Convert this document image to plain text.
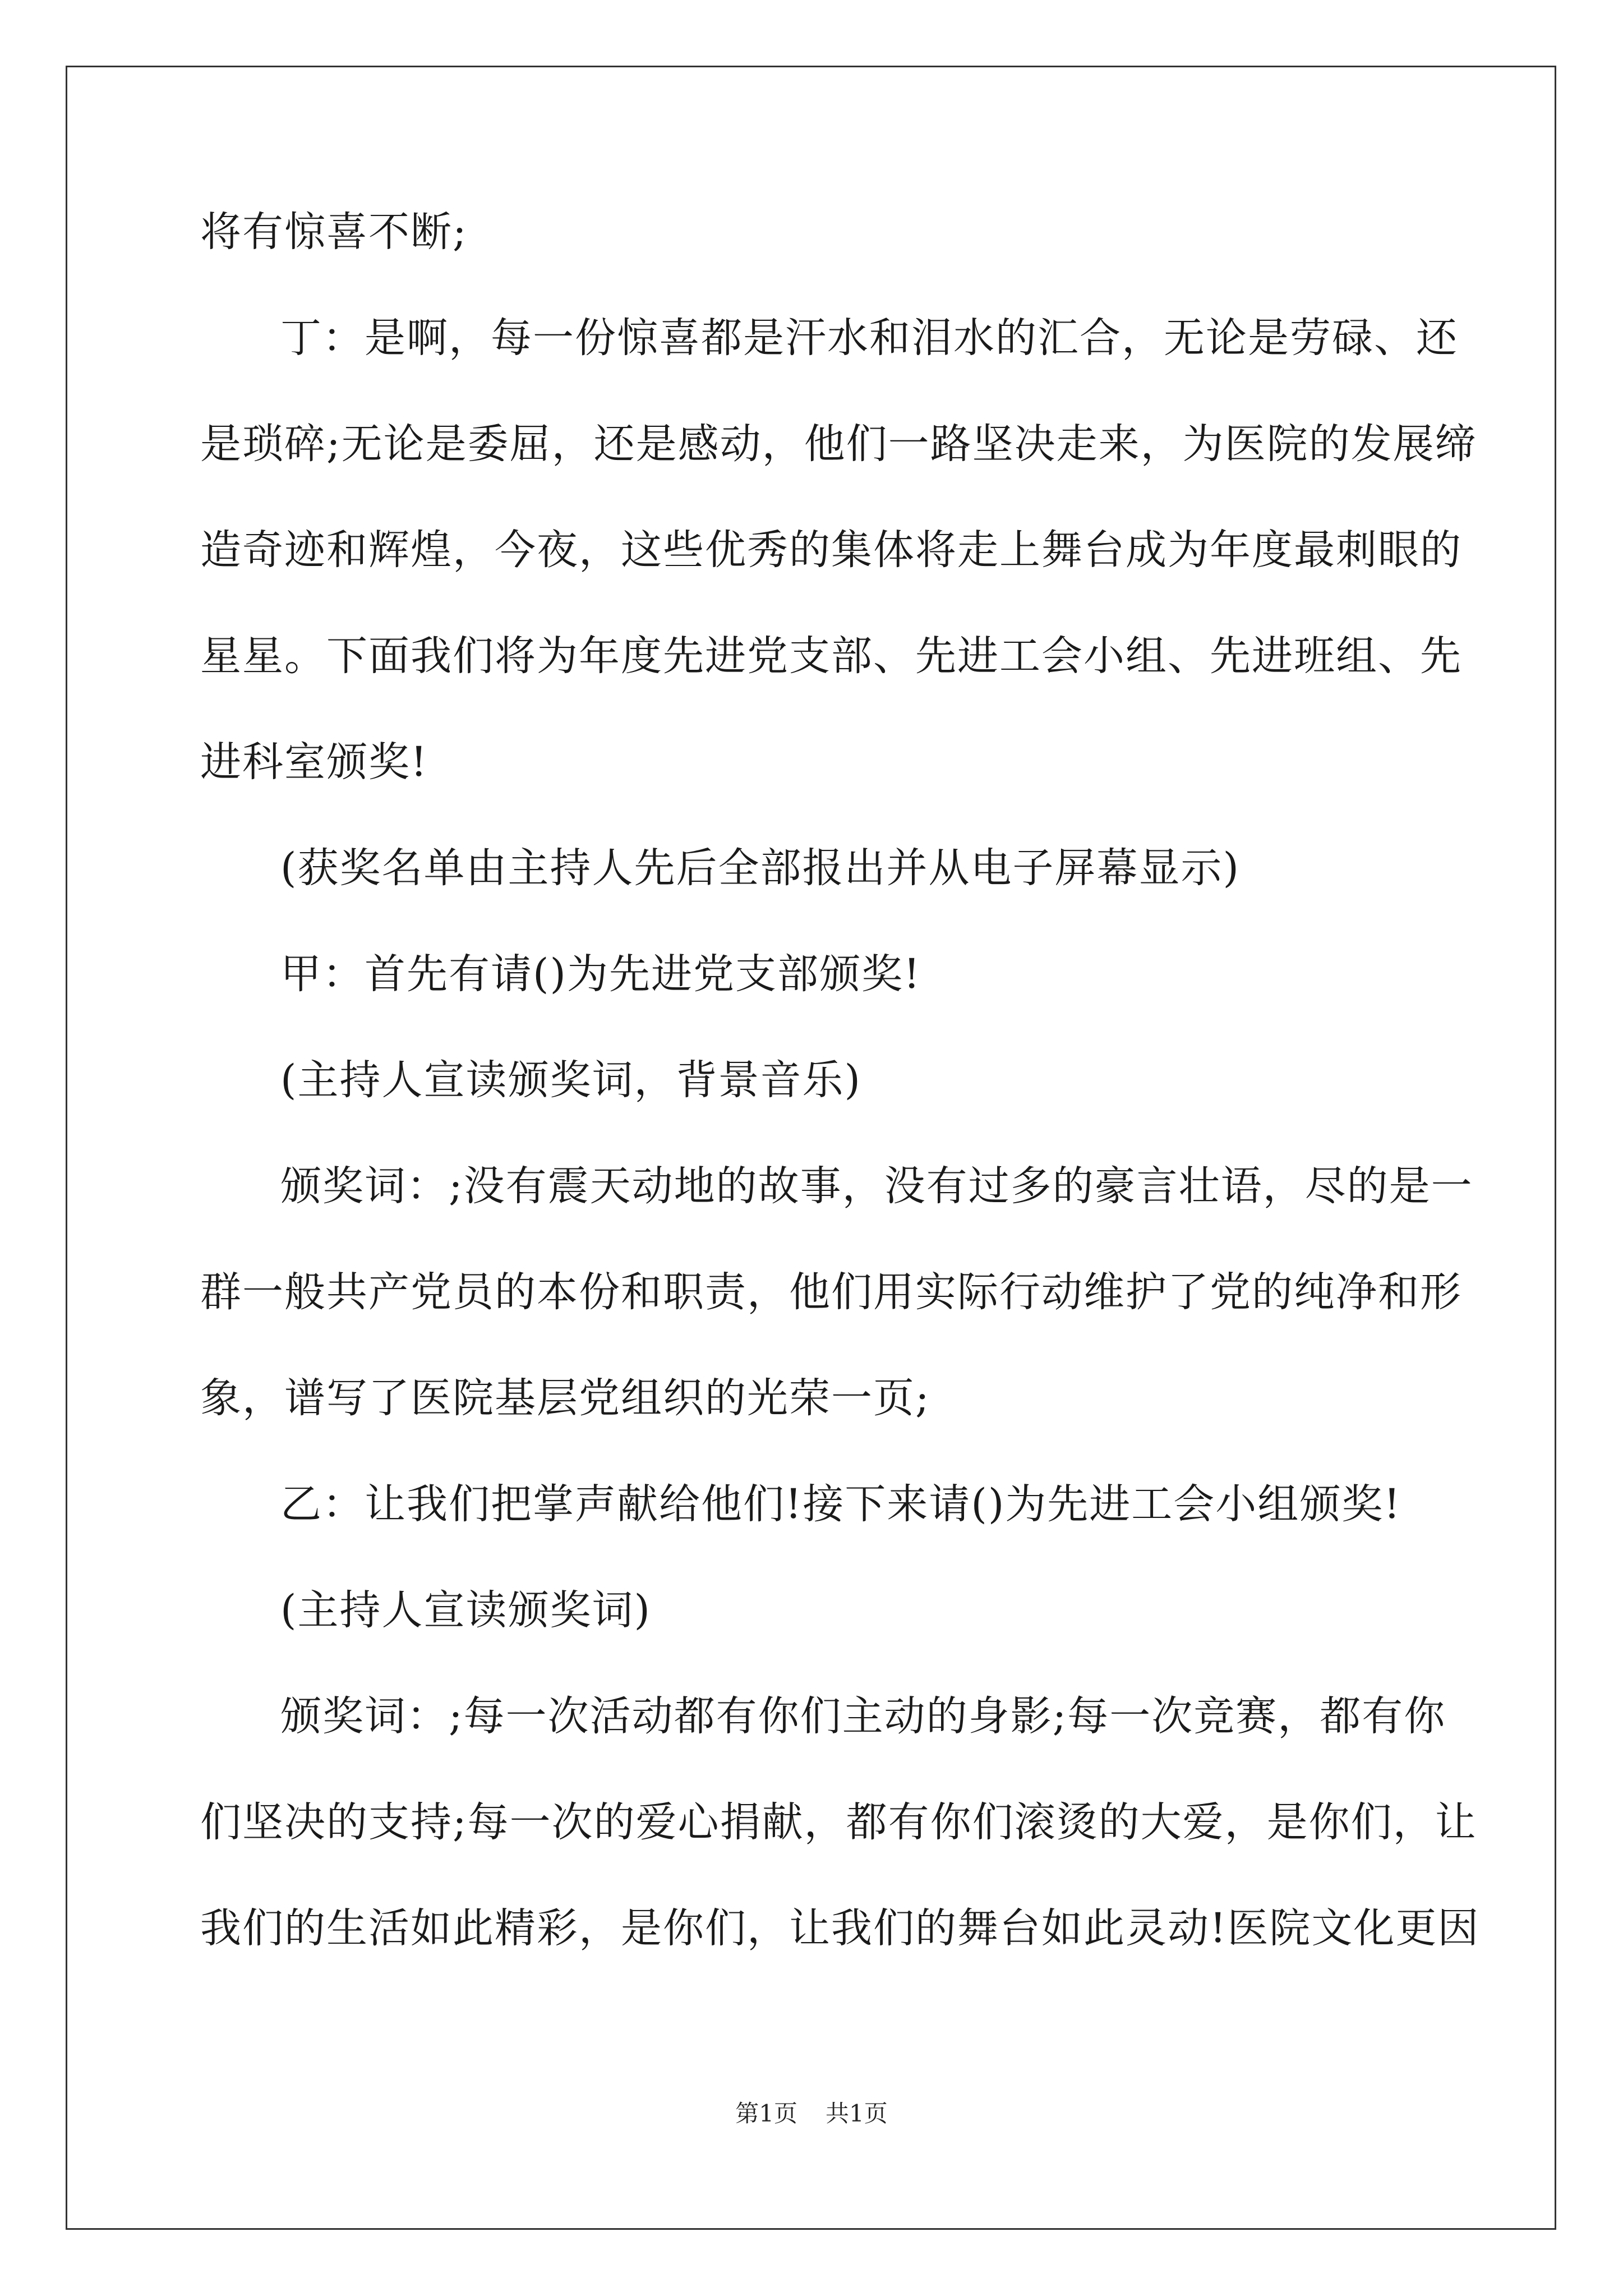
将有惊喜不断;
丁：是啊，每一份惊喜都是汗水和泪水的汇合，无论是劳碌、还
是琐碎;无论是委屈，还是感动，他们一路坚决走来，为医院的发展缔
造奇迹和辉煌，今夜，这些优秀的集体将走上舞台成为年度最刺眼的
星星。下面我们将为年度先进党支部、先进工会小组、先进班组、先
进科室颁奖!
(获奖名单由主持人先后全部报出并从电子屏幕显示)
甲：首先有请()为先进党支部颁奖!
(主持人宣读颁奖词，背景音乐)
颁奖词：;没有震天动地的故事，没有过多的豪言壮语，尽的是一
群一般共产党员的本份和职责，他们用实际行动维护了党的纯净和形
象，谱写了医院基层党组织的光荣一页;
乙：让我们把掌声献给他们!接下来请()为先进工会小组颁奖!
(主持人宣读颁奖词)
颁奖词：;每一次活动都有你们主动的身影;每一次竞赛，都有你
们坚决的支持;每一次的爱心捐献，都有你们滚烫的大爱，是你们，让
我们的生活如此精彩，是你们，让我们的舞台如此灵动!医院文化更因
第1页 共1页
